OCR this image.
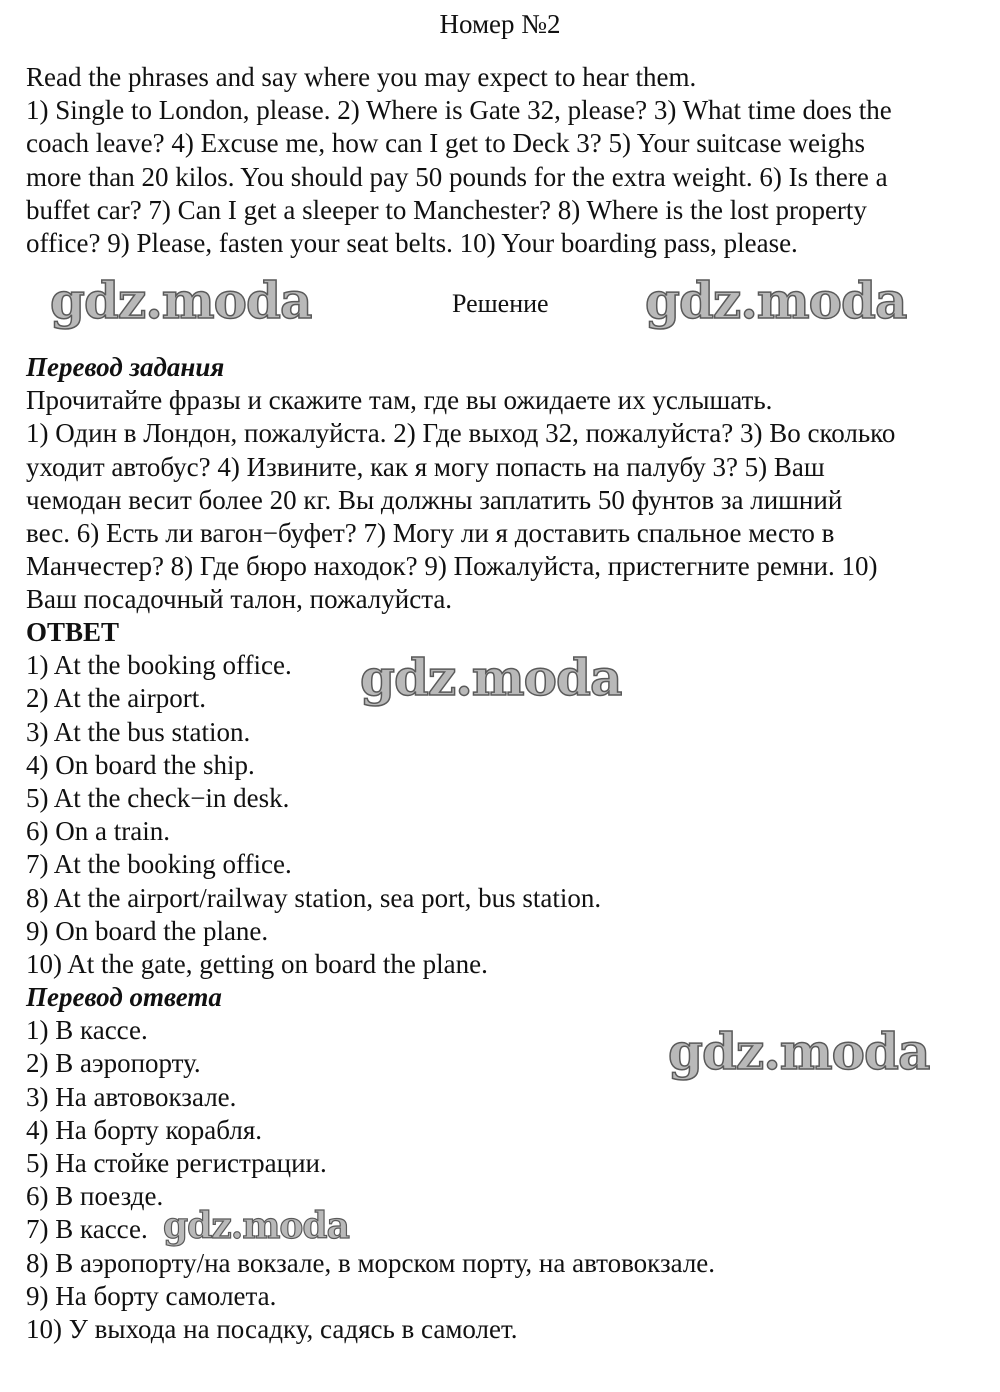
Номер №2
Read the phrases and say where you may expect to hear them.
1) Single to London, please. 2) Where is Gate 32, please? 3) What time does the
coach leave? 4) Excuse me, how can I get to Deck 3? 5) Your suitcase weighs
more than 20 kilos. You should pay 50 pounds for the extra weight. 6) Is there a
buffet car? 7) Can I get a sleeper to Manchester? 8) Where is the lost property
office? 9) Please, fasten your seat belts. 10) Your boarding pass, please.
gdz.moda	Решение gdz.moda
Перевод задания
Прочитайте фразы и скажите там, где вы ожидаете их услышать.
1) Один в Лондон, пожалуйста. 2) Где выход 32, пожалуйста? 3) Во сколько
уходит автобус? 4) Извините, как я могу попасть на палубу 3? 5) Ваш
чемодан весит более 20 кг. Вы должны заплатить 50 фунтов за лишний
вес. 6) Есть ли вагон−буфет? 7) Могу ли я доставить спальное место в
Манчестер? 8) Где бюро находок? 9) Пожалуйста, пристегните ремни. 10)
Ваш посадочный талон, пожалуйста.
ОТВЕТ
1) At the booking office.
2) At the airport.
3) At the bus station.
4) On board the ship.
5) At the check−in desk.
6) On a train.
7) At the booking office.
8) At the airport/railway station, sea port, bus station.
9) On board the plane.
10) At the gate, getting on board the plane.
gdz.moda
Перевод ответа
1) В кассе.
2) В аэропорту.
3) На автовокзале.
4) На борту корабля.
5) На стойке регистрации.
6) В поезде.
7) В кассе.
8) В аэропорту/на вокзале, в морском порту, на автовокзале.
9) На борту самолета.
10) У выхода на посадку, садясь в самолет.
gdz.moda
gdz.moda
